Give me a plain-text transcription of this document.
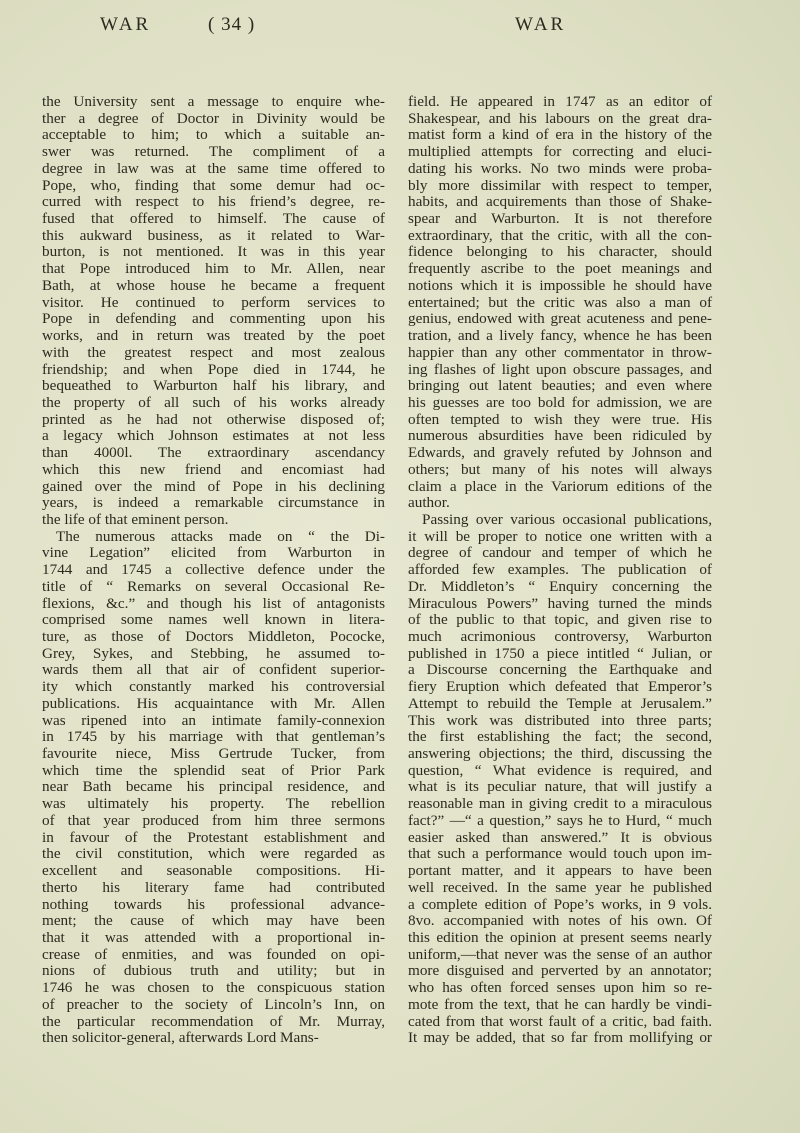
WAR	( 34 )	WAR
the University sent a message to enquire whe-
ther a degree of Doctor in Divinity would be
acceptable to him; to which a suitable an-
swer was returned. The compliment of a
degree in law was at the same time offered to
Pope, who, finding that some demur had oc-
curred with respect to his friend’s degree, re-
fused that offered to himself. The cause of
this aukward business, as it related to War-
burton, is not mentioned. It was in this year
that Pope introduced him to Mr. Allen, near
Bath, at whose house he became a frequent
visitor. He continued to perform services to
Pope in defending and commenting upon his
works, and in return was treated by the poet
with the greatest respect and most zealous
friendship; and when Pope died in 1744, he
bequeathed to Warburton half his library, and
the property of all such of his works already
printed as he had not otherwise disposed of;
a legacy which Johnson estimates at not less
than 4000l. The extraordinary ascendancy
which this new friend and encomiast had
gained over the mind of Pope in his declining
years, is indeed a remarkable circumstance in
the life of that eminent person.
The numerous attacks made on “ the Di-
vine Legation” elicited from Warburton in
1744 and 1745 a collective defence under the
title of “ Remarks on several Occasional Re-
flexions, &c.” and though his list of antagonists
comprised some names well known in litera-
ture, as those of Doctors Middleton, Pococke,
Grey, Sykes, and Stebbing, he assumed to-
wards them all that air of confident superior-
ity which constantly marked his controversial
publications. His acquaintance with Mr. Allen
was ripened into an intimate family-connexion
in 1745 by his marriage with that gentleman’s
favourite niece, Miss Gertrude Tucker, from
which time the splendid seat of Prior Park
near Bath became his principal residence, and
was ultimately his property. The rebellion
of that year produced from him three sermons
in favour of the Protestant establishment and
the civil constitution, which were regarded as
excellent and seasonable compositions. Hi-
therto his literary fame had contributed
nothing towards his professional advance-
ment; the cause of which may have been
that it was attended with a proportional in-
crease of enmities, and was founded on opi-
nions of dubious truth and utility; but in
1746 he was chosen to the conspicuous station
of preacher to the society of Lincoln’s Inn, on
the particular recommendation of Mr. Murray,
then solicitor-general, afterwards Lord Mans-
field. He appeared in 1747 as an editor of
Shakespear, and his labours on the great dra-
matist form a kind of era in the history of the
multiplied attempts for correcting and eluci-
dating his works. No two minds were proba-
bly more dissimilar with respect to temper,
habits, and acquirements than those of Shake-
spear and Warburton. It is not therefore
extraordinary, that the critic, with all the con-
fidence belonging to his character, should
frequently ascribe to the poet meanings and
notions which it is impossible he should have
entertained; but the critic was also a man of
genius, endowed with great acuteness and pene-
tration, and a lively fancy, whence he has been
happier than any other commentator in throw-
ing flashes of light upon obscure passages, and
bringing out latent beauties; and even where
his guesses are too bold for admission, we are
often tempted to wish they were true. His
numerous absurdities have been ridiculed by
Edwards, and gravely refuted by Johnson and
others; but many of his notes will always
claim a place in the Variorum editions of the
author.
Passing over various occasional publications,
it will be proper to notice one written with a
degree of candour and temper of which he
afforded few examples. The publication of
Dr. Middleton’s “ Enquiry concerning the
Miraculous Powers” having turned the minds
of the public to that topic, and given rise to
much acrimonious controversy, Warburton
published in 1750 a piece intitled “ Julian, or
a Discourse concerning the Earthquake and
fiery Eruption which defeated that Emperor’s
Attempt to rebuild the Temple at Jerusalem.”
This work was distributed into three parts;
the first establishing the fact; the second,
answering objections; the third, discussing the
question, “ What evidence is required, and
what is its peculiar nature, that will justify a
reasonable man in giving credit to a miraculous
fact?” —“ a question,” says he to Hurd, “ much
easier asked than answered.” It is obvious
that such a performance would touch upon im-
portant matter, and it appears to have been
well received. In the same year he published
a complete edition of Pope’s works, in 9 vols.
8vo. accompanied with notes of his own. Of
this edition the opinion at present seems nearly
uniform,—that never was the sense of an author
more disguised and perverted by an annotator;
who has often forced senses upon him so re-
mote from the text, that he can hardly be vindi-
cated from that worst fault of a critic, bad faith.
It may be added, that so far from mollifying or
